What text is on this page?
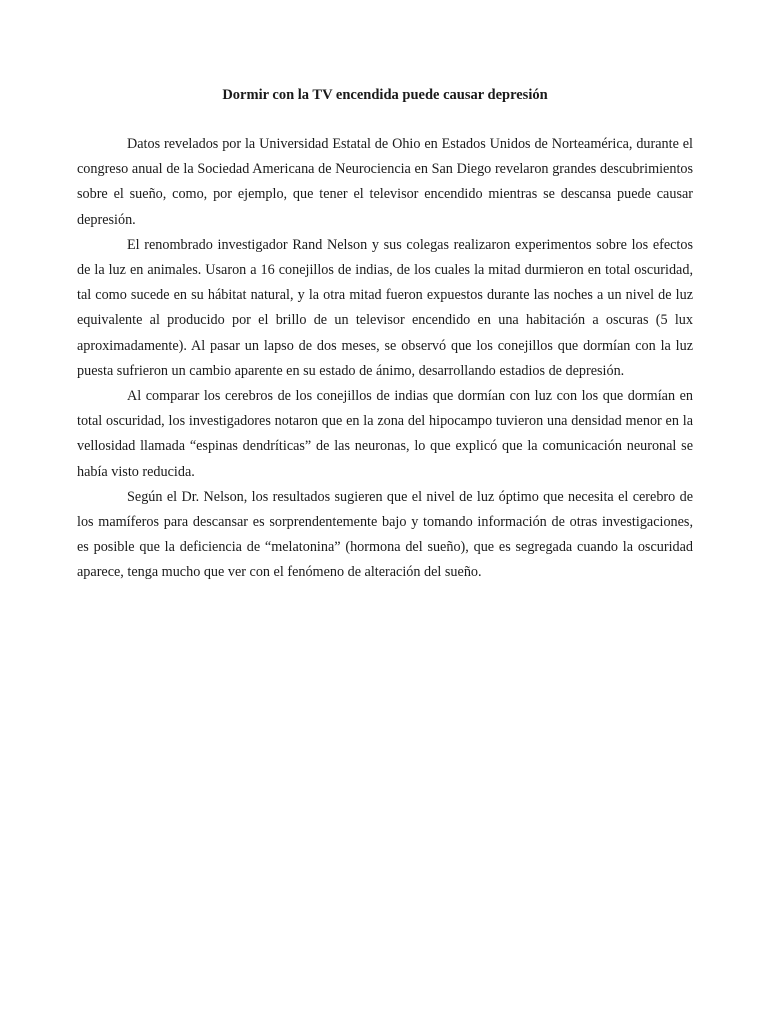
Dormir con la TV encendida puede causar depresión

Datos revelados por la Universidad Estatal de Ohio en Estados Unidos de Norteamérica, durante el congreso anual de la Sociedad Americana de Neurociencia en San Diego revelaron grandes descubrimientos sobre el sueño, como, por ejemplo, que tener el televisor encendido mientras se descansa puede causar depresión.

El renombrado investigador Rand Nelson y sus colegas realizaron experimentos sobre los efectos de la luz en animales. Usaron a 16 conejillos de indias, de los cuales la mitad durmieron en total oscuridad, tal como sucede en su hábitat natural, y la otra mitad fueron expuestos durante las noches a un nivel de luz equivalente al producido por el brillo de un televisor encendido en una habitación a oscuras (5 lux aproximadamente). Al pasar un lapso de dos meses, se observó que los conejillos que dormían con la luz puesta sufrieron un cambio aparente en su estado de ánimo, desarrollando estadios de depresión.

Al comparar los cerebros de los conejillos de indias que dormían con luz con los que dormían en total oscuridad, los investigadores notaron que en la zona del hipocampo tuvieron una densidad menor en la vellosidad llamada “espinas dendríticas” de las neuronas, lo que explicó que la comunicación neuronal se había visto reducida.

Según el Dr. Nelson, los resultados sugieren que el nivel de luz óptimo que necesita el cerebro de los mamíferos para descansar es sorprendentemente bajo y tomando información de otras investigaciones, es posible que la deficiencia de “melatonina” (hormona del sueño), que es segregada cuando la oscuridad aparece, tenga mucho que ver con el fenómeno de alteración del sueño.
